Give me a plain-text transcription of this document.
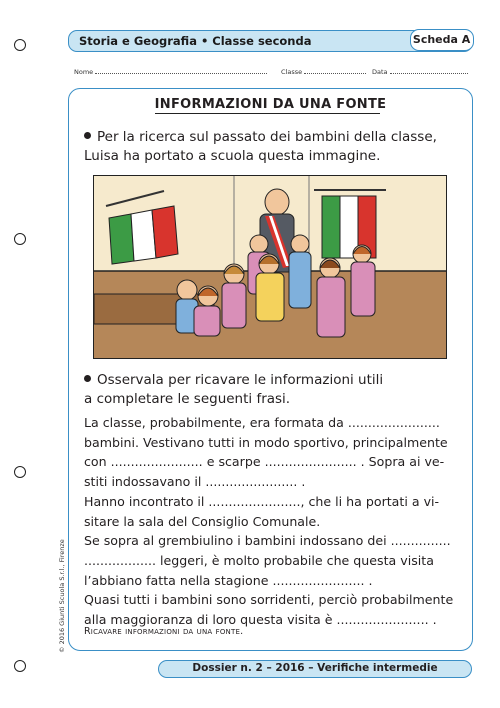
Storia e Geografia • Classe seconda	Scheda A
Nome	Classe	Data
INFORMAZIONI DA UNA FONTE
Per la ricerca sul passato dei bambini della classe,
Luisa ha portato a scuola questa immagine.
Osservala per ricavare le informazioni utili
a completare le seguenti frasi.

La classe, probabilmente, era formata da .......................

bambini. Vestivano tutti in modo sportivo, principalmente

con ....................... e scarpe ....................... . Sopra ai ve-

stiti indossavano il ....................... .

Hanno incontrato il ......................., che li ha portati a vi-

sitare la sala del Consiglio Comunale.

Se sopra al grembiulino i bambini indossano dei ...............

.................. leggeri, è molto probabile che questa visita

l’abbiano fatta nella stagione ....................... .

Quasi tutti i bambini sono sorridenti, perciò probabilmente

alla maggioranza di loro questa visita è ....................... .

Ricavare informazioni da una fonte.
© 2016 Giunti Scuola S.r.l., Firenze
Dossier n. 2 – 2016 – Verifiche intermedie
